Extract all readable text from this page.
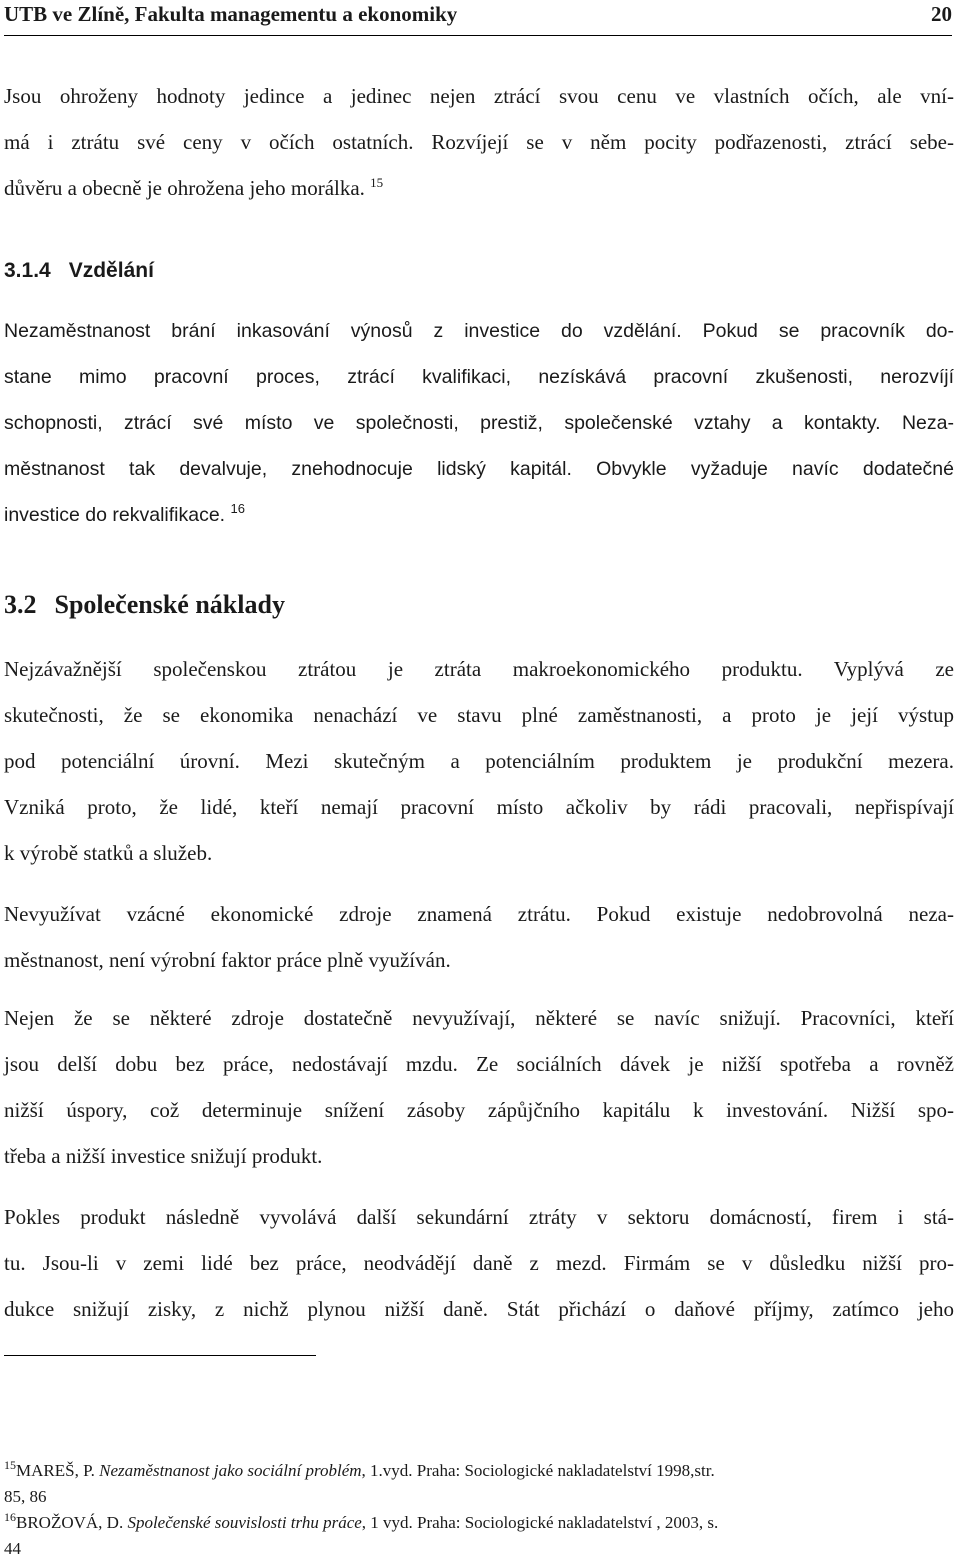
UTB ve Zlíně, Fakulta managementu a ekonomiky	20
Jsou ohroženy hodnoty jedince a jedinec nejen ztrácí svou cenu ve vlastních očích, ale vní-
má i ztrátu své ceny v očích ostatních. Rozvíjejí se v něm pocity podřazenosti, ztrácí sebe-
důvěru a obecně je ohrožena jeho morálka. $^{15}$
3.1.4 Vzdělání
Nezaměstnanost brání inkasování výnosů z investice do vzdělání. Pokud se pracovník do-
stane mimo pracovní proces, ztrácí kvalifikaci, nezískává pracovní zkušenosti, nerozvíjí
schopnosti, ztrácí své místo ve společnosti, prestiž, společenské vztahy a kontakty. Neza-
městnanost tak devalvuje, znehodnocuje lidský kapitál. Obvykle vyžaduje navíc dodatečné
investice do rekvalifikace. $^{16}$
3.2 Společenské náklady
Nejzávažnější společenskou ztrátou je ztráta makroekonomického produktu. Vyplývá ze
skutečnosti, že se ekonomika nenachází ve stavu plné zaměstnanosti, a proto je její výstup
pod potenciální úrovní. Mezi skutečným a potenciálním produktem je produkční mezera.
Vzniká proto, že lidé, kteří nemají pracovní místo ačkoliv by rádi pracovali, nepřispívají
k výrobě statků a služeb.
Nevyužívat vzácné ekonomické zdroje znamená ztrátu. Pokud existuje nedobrovolná neza-
městnanost, není výrobní faktor práce plně využíván.
Nejen že se některé zdroje dostatečně nevyužívají, některé se navíc snižují. Pracovníci, kteří
jsou delší dobu bez práce, nedostávají mzdu. Ze sociálních dávek je nižší spotřeba a rovněž
nižší úspory, což determinuje snížení zásoby zápůjčního kapitálu k investování. Nižší spo-
třeba a nižší investice snižují produkt.
Pokles produkt následně vyvolává další sekundární ztráty v sektoru domácností, firem i stá-
tu. Jsou-li v zemi lidé bez práce, neodvádějí daně z mezd. Firmám se v důsledku nižší pro-
dukce snižují zisky, z nichž plynou nižší daně. Stát přichází o daňové příjmy, zatímco jeho
$^{15}$MAREŠ, P. Nezaměstnanost jako sociální problém, 1.vyd. Praha: Sociologické nakladatelství 1998,str.
85, 86
$^{16}$BROŽOVÁ, D. Společenské souvislosti trhu práce, 1 vyd. Praha: Sociologické nakladatelství , 2003, s.
44
